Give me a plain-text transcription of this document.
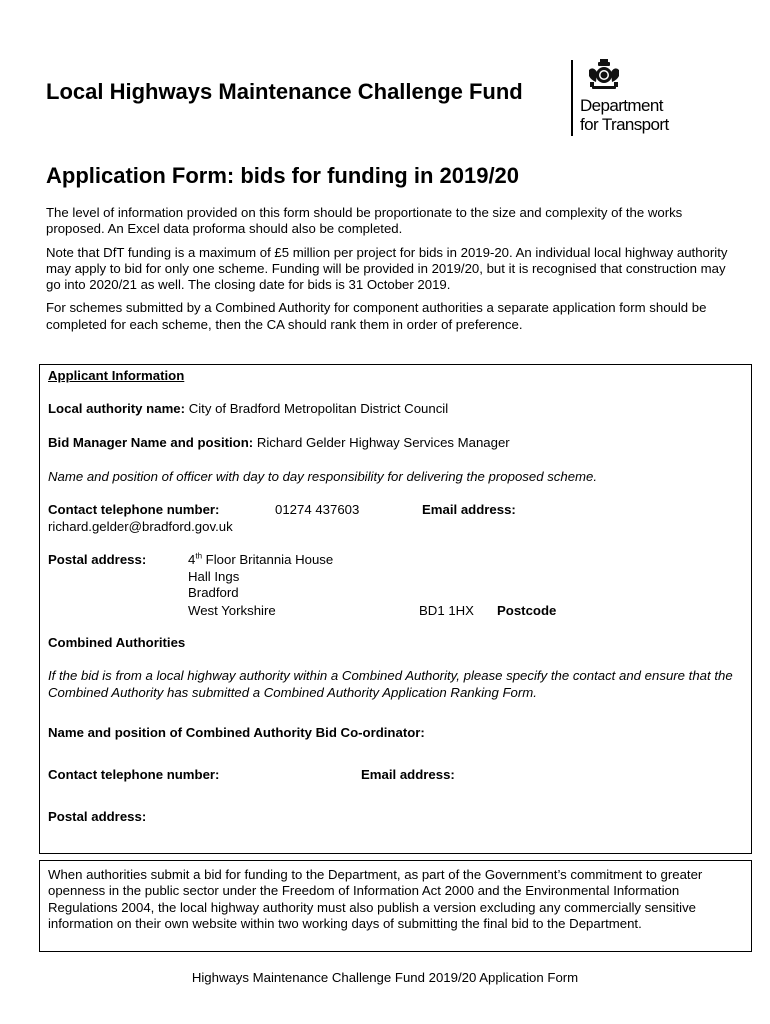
Local Highways Maintenance Challenge Fund
Department
for Transport
Application Form: bids for funding in 2019/20

The level of information provided on this form should be proportionate to the size and complexity of the works proposed. An Excel data proforma should also be completed.

Note that DfT funding is a maximum of £5 million per project for bids in 2019-20. An individual local highway authority may apply to bid for only one scheme. Funding will be provided in 2019/20, but it is recognised that construction may go into 2020/21 as well. The closing date for bids is 31 October 2019.

For schemes submitted by a Combined Authority for component authorities a separate application form should be completed for each scheme, then the CA should rank them in order of preference.

Applicant Information
Local authority name: City of Bradford Metropolitan District Council
Bid Manager Name and position: Richard Gelder Highway Services Manager
Name and position of officer with day to day responsibility for delivering the proposed scheme.
Contact telephone number:	01274 437603	Email address:
richard.gelder@bradford.gov.uk
Postal address:	4th Floor Britannia House
Hall Ings
Bradford
West Yorkshire	BD1 1HX Postcode
Combined Authorities
If the bid is from a local highway authority within a Combined Authority, please specify the contact and ensure that the Combined Authority has submitted a Combined Authority Application Ranking Form.
Name and position of Combined Authority Bid Co-ordinator:
Contact telephone number:	Email address:
Postal address:
When authorities submit a bid for funding to the Department, as part of the Government’s commitment to greater openness in the public sector under the Freedom of Information Act 2000 and the Environmental Information Regulations 2004, the local highway authority must also publish a version excluding any commercially sensitive information on their own website within two working days of submitting the final bid to the Department.
Highways Maintenance Challenge Fund 2019/20 Application Form
